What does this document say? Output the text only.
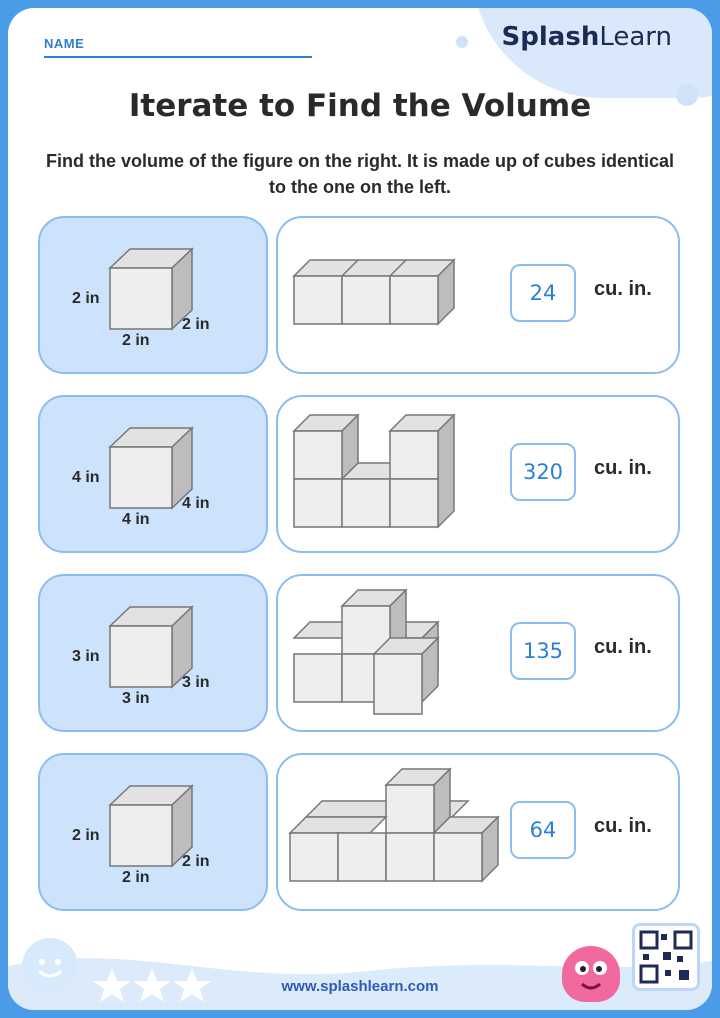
NAME	SplashLearn
Iterate to Find the Volume
Find the volume of the figure on the right. It is made up of cubes identical to the one on the left.
2 in
2 in
2 in
24	cu. in.
4 in
4 in
4 in
320	cu. in.
3 in
3 in
3 in
135	cu. in.
2 in
2 in
2 in
64	cu. in.
www.splashlearn.com
